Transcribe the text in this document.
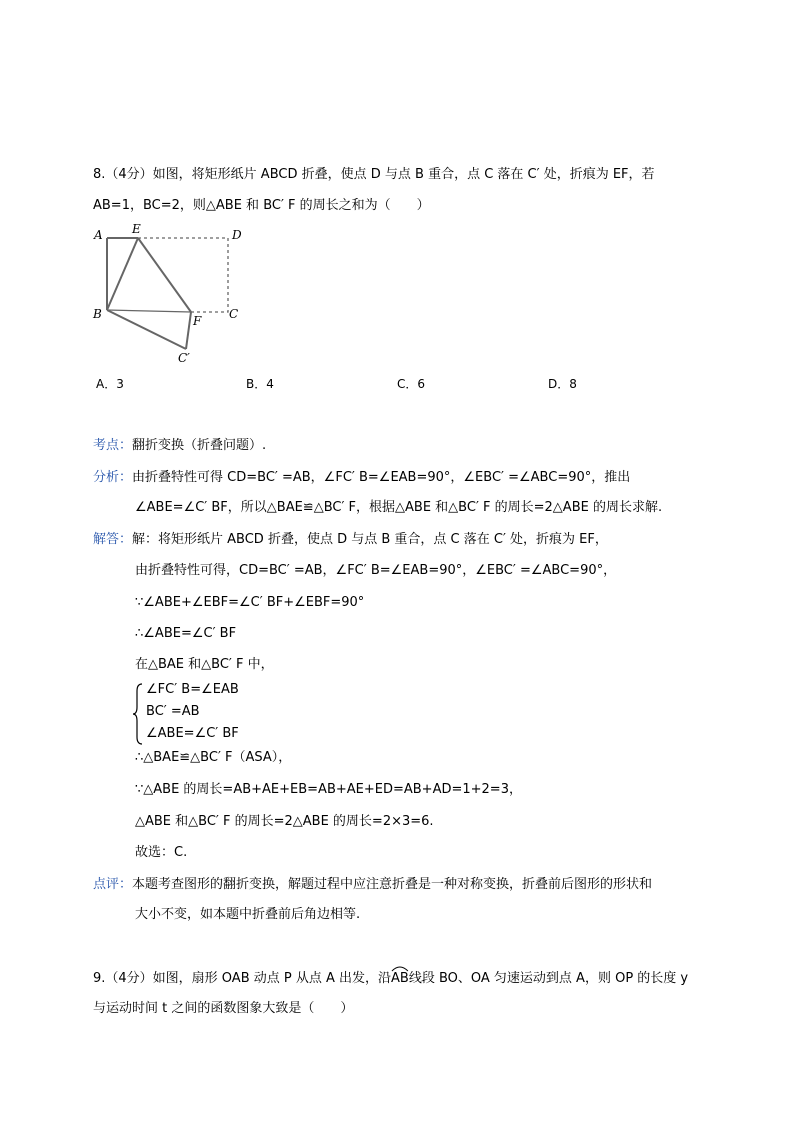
8.（4分）如图，将矩形纸片 ABCD 折叠，使点 D 与点 B 重合，点 C 落在 C′ 处，折痕为 EF，若
AB=1，BC=2，则△ABE 和 BC′ F 的周长之和为（　　）
A E	D
B	F C
C′
A．3	B．4	C．6	D．8
考点：翻折变换（折叠问题）.
分析：由折叠特性可得 CD=BC′ =AB，∠FC′ B=∠EAB=90°，∠EBC′ =∠ABC=90°，推出
∠ABE=∠C′ BF，所以△BAE≌△BC′ F，根据△ABE 和△BC′ F 的周长=2△ABE 的周长求解.
解答：解：将矩形纸片 ABCD 折叠，使点 D 与点 B 重合，点 C 落在 C′ 处，折痕为 EF，
由折叠特性可得，CD=BC′ =AB，∠FC′ B=∠EAB=90°，∠EBC′ =∠ABC=90°，
∵∠ABE+∠EBF=∠C′ BF+∠EBF=90°
∴∠ABE=∠C′ BF
在△BAE 和△BC′ F 中，
∠FC′ B=∠EAB
BC′ =AB
∠ABE=∠C′ BF
∴△BAE≌△BC′ F（ASA），
∵△ABE 的周长=AB+AE+EB=AB+AE+ED=AB+AD=1+2=3，
△ABE 和△BC′ F 的周长=2△ABE 的周长=2×3=6.
故选：C.
点评：本题考查图形的翻折变换，解题过程中应注意折叠是一种对称变换，折叠前后图形的形状和
大小不变，如本题中折叠前后角边相等.
9.（4分）如图，扇形 OAB 动点 P 从点 A 出发，沿
AB线段 BO、OA 匀速运动到点 A，则 OP 的长度 y
与运动时间 t 之间的函数图象大致是（　　）
